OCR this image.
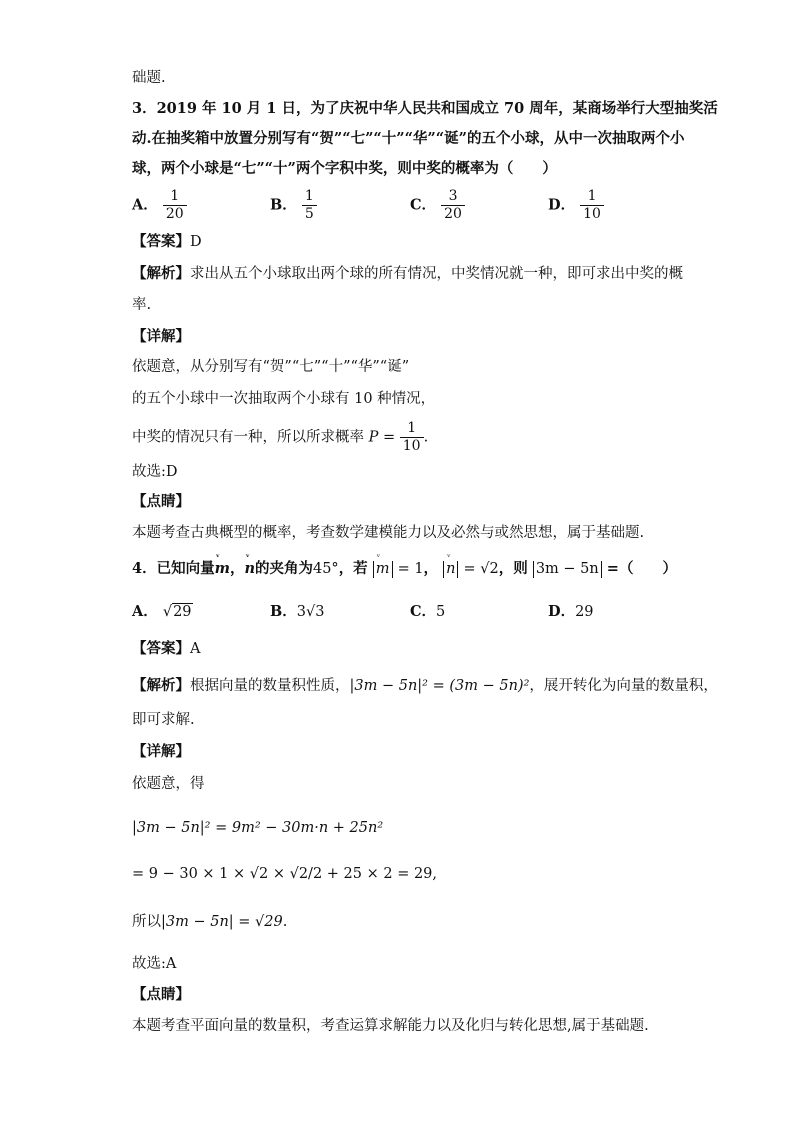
础题.
3．2019 年 10 月 1 日，为了庆祝中华人民共和国成立 70 周年，某商场举行大型抽奖活
动.在抽奖箱中放置分别写有“贺”“七”“十”“华”“诞”的五个小球，从中一次抽取两个小
球，两个小球是“七”“十”两个字积中奖，则中奖的概率为（　　）
A． $\frac{1}{20}$	B． $\frac{1}{5}$	C． $\frac{3}{20}$	D． $\frac{1}{10}$
【答案】D
【解析】求出从五个小球取出两个球的所有情况，中奖情况就一种，即可求出中奖的概
率.
【详解】
依题意，从分别写有“贺”“七”“十”“华”“诞”
的五个小球中一次抽取两个小球有 10 种情况，
中奖的情况只有一种，所以所求概率 $P = \frac{1}{10}$ .
故选:D
【点睛】
本题考查古典概型的概率，考查数学建模能力以及必然与或然思想，属于基础题.
4．已知向量ᵛ m，ᵛ n的夹角为45°，若 ᵛ m = 1， ᵛ n = √2，则 3m − 5n =（　　）
A． √29	B．3√3	C．5	D．29
【答案】A
【解析】根据向量的数量积性质，|3m − 5n|² = (3m − 5n)²，展开转化为向量的数量积，
即可求解.
【详解】
依题意，得
|3m − 5n|² = 9m² − 30m·n + 25n²
= 9 − 30 × 1 × √2 × √2/2 + 25 × 2 = 29,
所以|3m − 5n| = √29.
故选:A
【点睛】
本题考查平面向量的数量积，考查运算求解能力以及化归与转化思想,属于基础题.
